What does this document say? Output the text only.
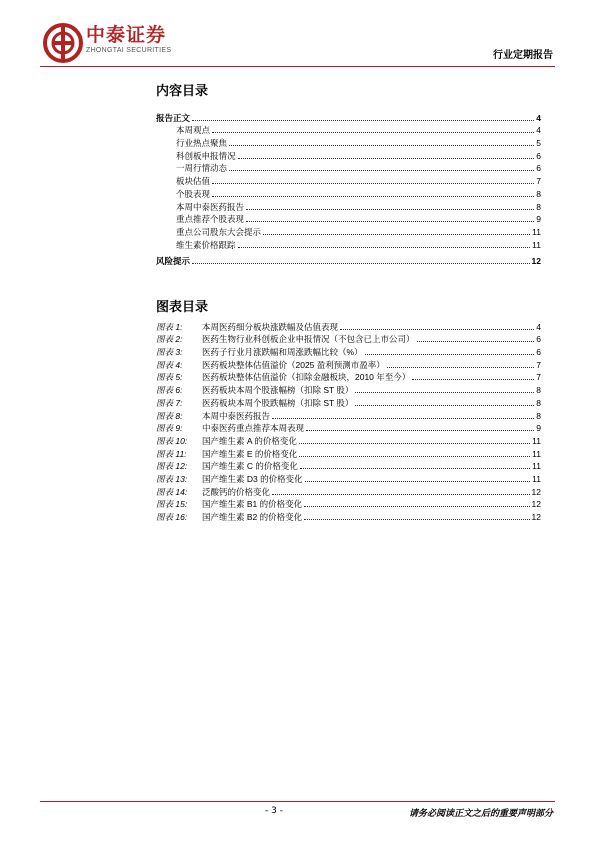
中泰证券
ZHONGTAI SECURITIES	行业定期报告
内容目录
报告正文	4
本周观点	4
行业热点聚焦	5
科创板申报情况	6
一周行情动态	6
板块估值	7
个股表现	8
本周中泰医药报告	8
重点推荐个股表现	9
重点公司股东大会提示	11
维生素价格跟踪	11
风险提示	12
图表目录
图表 1: 本周医药细分板块涨跌幅及估值表现	4
图表 2: 医药生物行业科创板企业申报情况（不包含已上市公司）	6
图表 3: 医药子行业月涨跌幅和周涨跌幅比较（%）	6
图表 4: 医药板块整体估值溢价（2025 盈利预测市盈率）	7
图表 5: 医药板块整体估值溢价（扣除金融板块，2010 年至今）	7
图表 6: 医药板块本周个股涨幅榜（扣除 ST 股）	8
图表 7: 医药板块本周个股跌幅榜（扣除 ST 股）	8
图表 8: 本周中泰医药报告	8
图表 9: 中泰医药重点推荐本周表现	9
图表 10: 国产维生素 A 的价格变化	11
图表 11: 国产维生素 E 的价格变化	11
图表 12: 国产维生素 C 的价格变化	11
图表 13: 国产维生素 D3 的价格变化	11
图表 14: 泛酸钙的价格变化	12
图表 15: 国产维生素 B1 的价格变化	12
图表 16: 国产维生素 B2 的价格变化	12
- 3 -	请务必阅读正文之后的重要声明部分
